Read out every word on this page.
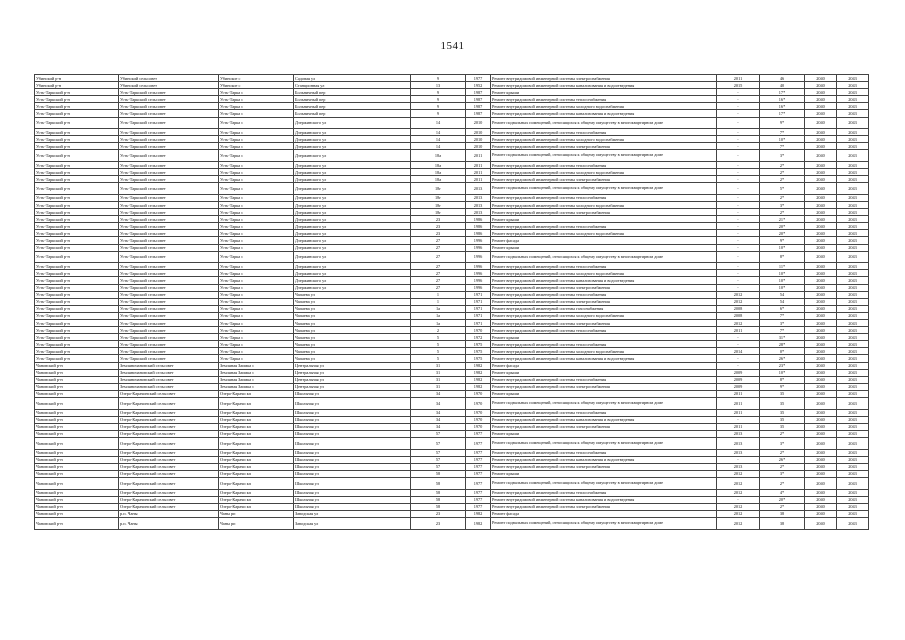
1541
Убинский р-н	Убинский сельсовет	Убинское с	Садовая ул	9	1977	Ремонт внутридомовой инженерной системы электроснабжения	2011	46	2040	2043
Убинский р-н	Убинский сельсовет	Убинское с	Станционная ул	13	1952	Ремонт внутридомовой инженерной системы канализования и водоотведения	2015	40	2040	2043
Усть-Таркский р-н	Усть-Таркский сельсовет	Усть-Тарка с	Больничный пер	9	1987	Ремонт крыши	-	17*	2040	2043
Усть-Таркский р-н	Усть-Таркский сельсовет	Усть-Тарка с	Больничный пер	9	1987	Ремонт внутридомовой инженерной системы теплоснабжения	-	16*	2040	2043
Усть-Таркский р-н	Усть-Таркский сельсовет	Усть-Тарка с	Больничный пер	9	1987	Ремонт внутридомовой инженерной системы холодного водоснабжения	-	16*	2040	2043
Усть-Таркский р-н	Усть-Таркский сельсовет	Усть-Тарка с	Больничный пер	9	1987	Ремонт внутридомовой инженерной системы канализования и водоотведения	-	17*	2040	2043
Усть-Таркский р-н	Усть-Таркский сельсовет	Усть-Тарка с	Дзержинского ул	14	2010	Ремонт подвальных помещений, относящихся к общему имуществу в многоквартирном доме	-	9*	2040	2043
Усть-Таркский р-н	Усть-Таркский сельсовет	Усть-Тарка с	Дзержинского ул	14	2010	Ремонт внутридомовой инженерной системы теплоснабжения	-	7*	2040	2043
Усть-Таркский р-н	Усть-Таркский сельсовет	Усть-Тарка с	Дзержинского ул	14	2010	Ремонт внутридомовой инженерной системы холодного водоснабжения	-	10*	2040	2043
Усть-Таркский р-н	Усть-Таркский сельсовет	Усть-Тарка с	Дзержинского ул	14	2010	Ремонт внутридомовой инженерной системы электроснабжения	-	7*	2040	2043
Усть-Таркский р-н	Усть-Таркский сельсовет	Усть-Тарка с	Дзержинского ул	18а	2011	Ремонт подвальных помещений, относящихся к общему имуществу в многоквартирном доме	-	3*	2040	2043
Усть-Таркский р-н	Усть-Таркский сельсовет	Усть-Тарка с	Дзержинского ул	18а	2011	Ремонт внутридомовой инженерной системы теплоснабжения	-	2*	2040	2043
Усть-Таркский р-н	Усть-Таркский сельсовет	Усть-Тарка с	Дзержинского ул	18а	2011	Ремонт внутридомовой инженерной системы холодного водоснабжения	-	2*	2040	2043
Усть-Таркский р-н	Усть-Таркский сельсовет	Усть-Тарка с	Дзержинского ул	18а	2011	Ремонт внутридомовой инженерной системы электроснабжения	-	2*	2040	2043
Усть-Таркский р-н	Усть-Таркский сельсовет	Усть-Тарка с	Дзержинского ул	18г	2013	Ремонт подвальных помещений, относящихся к общему имуществу в многоквартирном доме	-	5*	2040	2043
Усть-Таркский р-н	Усть-Таркский сельсовет	Усть-Тарка с	Дзержинского ул	18г	2013	Ремонт внутридомовой инженерной системы теплоснабжения	-	2*	2040	2043
Усть-Таркский р-н	Усть-Таркский сельсовет	Усть-Тарка с	Дзержинского ул	18г	2013	Ремонт внутридомовой инженерной системы холодного водоснабжения	-	3*	2040	2043
Усть-Таркский р-н	Усть-Таркский сельсовет	Усть-Тарка с	Дзержинского ул	18г	2013	Ремонт внутридомовой инженерной системы электроснабжения	-	2*	2040	2043
Усть-Таркский р-н	Усть-Таркский сельсовет	Усть-Тарка с	Дзержинского ул	23	1986	Ремонт крыши	-	21*	2040	2043
Усть-Таркский р-н	Усть-Таркский сельсовет	Усть-Тарка с	Дзержинского ул	23	1986	Ремонт внутридомовой инженерной системы теплоснабжения	-	20*	2040	2043
Усть-Таркский р-н	Усть-Таркский сельсовет	Усть-Тарка с	Дзержинского ул	23	1986	Ремонт внутридомовой инженерной системы холодного водоснабжения	-	20*	2040	2043
Усть-Таркский р-н	Усть-Таркский сельсовет	Усть-Тарка с	Дзержинского ул	27	1996	Ремонт фасада	-	9*	2040	2043
Усть-Таркский р-н	Усть-Таркский сельсовет	Усть-Тарка с	Дзержинского ул	27	1996	Ремонт крыши	-	10*	2040	2043
Усть-Таркский р-н	Усть-Таркский сельсовет	Усть-Тарка с	Дзержинского ул	27	1996	Ремонт подвальных помещений, относящихся к общему имуществу в многоквартирном доме	-	8*	2040	2043
Усть-Таркский р-н	Усть-Таркский сельсовет	Усть-Тарка с	Дзержинского ул	27	1996	Ремонт внутридомовой инженерной системы теплоснабжения	-	11*	2040	2043
Усть-Таркский р-н	Усть-Таркский сельсовет	Усть-Тарка с	Дзержинского ул	27	1996	Ремонт внутридомовой инженерной системы холодного водоснабжения	-	10*	2040	2043
Усть-Таркский р-н	Усть-Таркский сельсовет	Усть-Тарка с	Дзержинского ул	27	1996	Ремонт внутридомовой инженерной системы канализования и водоотведения	-	10*	2040	2043
Усть-Таркский р-н	Усть-Таркский сельсовет	Усть-Тарка с	Дзержинского ул	27	1996	Ремонт внутридомовой инженерной системы электроснабжения	-	10*	2040	2043
Усть-Таркский р-н	Усть-Таркский сельсовет	Усть-Тарка с	Чапаева ул	1	1971	Ремонт внутридомовой инженерной системы теплоснабжения	2012	54	2040	2043
Усть-Таркский р-н	Усть-Таркский сельсовет	Усть-Тарка с	Чапаева ул	1	1971	Ремонт внутридомовой инженерной системы электроснабжения	2012	54	2040	2043
Усть-Таркский р-н	Усть-Таркский сельсовет	Усть-Тарка с	Чапаева ул	1а	1971	Ремонт внутридомовой инженерной системы газоснабжения	2008	6*	2040	2043
Усть-Таркский р-н	Усть-Таркский сельсовет	Усть-Тарка с	Чапаева ул	1а	1971	Ремонт внутридомовой инженерной системы холодного водоснабжения	2008	7*	2040	2043
Усть-Таркский р-н	Усть-Таркский сельсовет	Усть-Тарка с	Чапаева ул	1а	1971	Ремонт внутридомовой инженерной системы электроснабжения	2012	3*	2040	2043
Усть-Таркский р-н	Усть-Таркский сельсовет	Усть-Тарка с	Чапаева ул	2	1970	Ремонт внутридомовой инженерной системы теплоснабжения	2011	7*	2040	2043
Усть-Таркский р-н	Усть-Таркский сельсовет	Усть-Тарка с	Чапаева ул	5	1972	Ремонт крыши	-	31*	2040	2043
Усть-Таркский р-н	Усть-Таркский сельсовет	Усть-Тарка с	Чапаева ул	5	1975	Ремонт внутридомовой инженерной системы теплоснабжения	-	28*	2040	2043
Усть-Таркский р-н	Усть-Таркский сельсовет	Усть-Тарка с	Чапаева ул	5	1975	Ремонт внутридомовой инженерной системы холодного водоснабжения	2014	0*	2040	2043
Усть-Таркский р-н	Усть-Таркский сельсовет	Усть-Тарка с	Чапаева ул	5	1975	Ремонт внутридомовой инженерной системы канализования и водоотведения	-	26*	2040	2043
Чановский р-н	Земляничановский сельсовет	Земляная Заимка с	Центральная ул	31	1982	Ремонт фасада	-	23*	2040	2043
Чановский р-н	Земляничановский сельсовет	Земляная Заимка с	Центральная ул	31	1982	Ремонт крыши	2009	10*	2040	2043
Чановский р-н	Земляничановский сельсовет	Земляная Заимка с	Центральная ул	31	1982	Ремонт внутридомовой инженерной системы теплоснабжения	2009	8*	2040	2043
Чановский р-н	Земляничановский сельсовет	Земляная Заимка с	Центральная ул	31	1982	Ремонт внутридомовой инженерной системы электроснабжения	2009	9*	2040	2043
Чановский р-н	Озеро-Карачинский сельсовет	Озеро-Карачи кп	Школьная ул	34	1970	Ремонт крыши	2011	35	2040	2043
Чановский р-н	Озеро-Карачинский сельсовет	Озеро-Карачи кп	Школьная ул	34	1970	Ремонт подвальных помещений, относящихся к общему имуществу в многоквартирном доме	2011	35	2040	2043
Чановский р-н	Озеро-Карачинский сельсовет	Озеро-Карачи кп	Школьная ул	34	1970	Ремонт внутридомовой инженерной системы теплоснабжения	2011	35	2040	2043
Чановский р-н	Озеро-Карачинский сельсовет	Озеро-Карачи кп	Школьная ул	34	1970	Ремонт внутридомовой инженерной системы канализования и водоотведения	-	35	2040	2043
Чановский р-н	Озеро-Карачинский сельсовет	Озеро-Карачи кп	Школьная ул	34	1970	Ремонт внутридомовой инженерной системы электроснабжения	2011	35	2040	2043
Чановский р-н	Озеро-Карачинский сельсовет	Озеро-Карачи кп	Школьная ул	57	1977	Ремонт крыши	2013	2*	2040	2043
Чановский р-н	Озеро-Карачинский сельсовет	Озеро-Карачи кп	Школьная ул	57	1977	Ремонт подвальных помещений, относящихся к общему имуществу в многоквартирном доме	2013	3*	2040	2043
Чановский р-н	Озеро-Карачинский сельсовет	Озеро-Карачи кп	Школьная ул	57	1977	Ремонт внутридомовой инженерной системы теплоснабжения	2013	2*	2040	2043
Чановский р-н	Озеро-Карачинский сельсовет	Озеро-Карачи кп	Школьная ул	57	1977	Ремонт внутридомовой инженерной системы канализования и водоотведения	-	26*	2040	2043
Чановский р-н	Озеро-Карачинский сельсовет	Озеро-Карачи кп	Школьная ул	57	1977	Ремонт внутридомовой инженерной системы электроснабжения	2013	2*	2040	2043
Чановский р-н	Озеро-Карачинский сельсовет	Озеро-Карачи кп	Школьная ул	58	1977	Ремонт крыши	2012	3*	2040	2043
Чановский р-н	Озеро-Карачинский сельсовет	Озеро-Карачи кп	Школьная ул	58	1977	Ремонт подвальных помещений, относящихся к общему имуществу в многоквартирном доме	2012	2*	2040	2043
Чановский р-н	Озеро-Карачинский сельсовет	Озеро-Карачи кп	Школьная ул	58	1977	Ремонт внутридомовой инженерной системы теплоснабжения	2012	4*	2040	2043
Чановский р-н	Озеро-Карачинский сельсовет	Озеро-Карачи кп	Школьная ул	58	1977	Ремонт внутридомовой инженерной системы канализования и водоотведения	-	20*	2040	2043
Чановский р-н	Озеро-Карачинский сельсовет	Озеро-Карачи кп	Школьная ул	58	1977	Ремонт внутридомовой инженерной системы электроснабжения	2012	2*	2040	2043
Чановский р-н	р.п. Чаны	Чаны рп	Заводская ул	23	1982	Ремонт фасада	2012	38	2040	2043
Чановский р-н	р.п. Чаны	Чаны рп	Заводская ул	23	1982	Ремонт подвальных помещений, относящихся к общему имуществу в многоквартирном доме	2012	38	2040	2043
